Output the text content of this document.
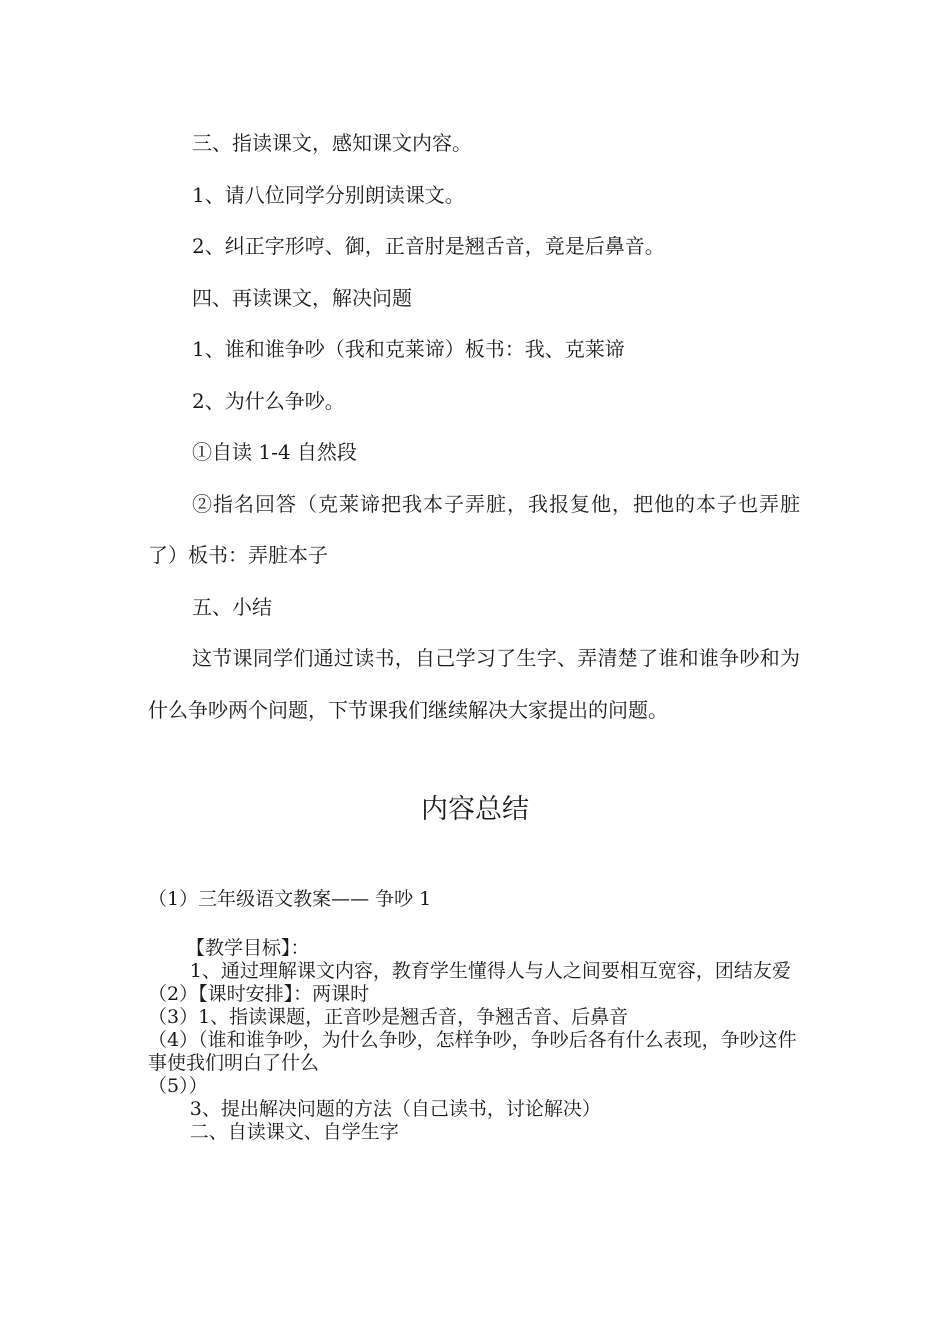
三、指读课文，感知课文内容。

1、请八位同学分别朗读课文。

2、纠正字形哼、御，正音肘是翘舌音，竟是后鼻音。

四、再读课文，解决问题

1、谁和谁争吵（我和克莱谛）板书：我、克莱谛

2、为什么争吵。

①自读 1-4 自然段

②指名回答（克莱谛把我本子弄脏，我报复他，把他的本子也弄脏了）板书：弄脏本子

五、小结

这节课同学们通过读书，自己学习了生字、弄清楚了谁和谁争吵和为什么争吵两个问题，下节课我们继续解决大家提出的问题。

内容总结

（1）三年级语文教案—— 争吵 1

【教学目标】：

1、通过理解课文内容，教育学生懂得人与人之间要相互宽容，团结友爱

（2）【课时安排】：两课时

（3）1、指读课题，正音吵是翘舌音，争翘舌音、后鼻音

（4）（谁和谁争吵，为什么争吵，怎样争吵，争吵后各有什么表现，争吵这件事使我们明白了什么

（5））

3、提出解决问题的方法（自己读书，讨论解决）

二、自读课文、自学生字
